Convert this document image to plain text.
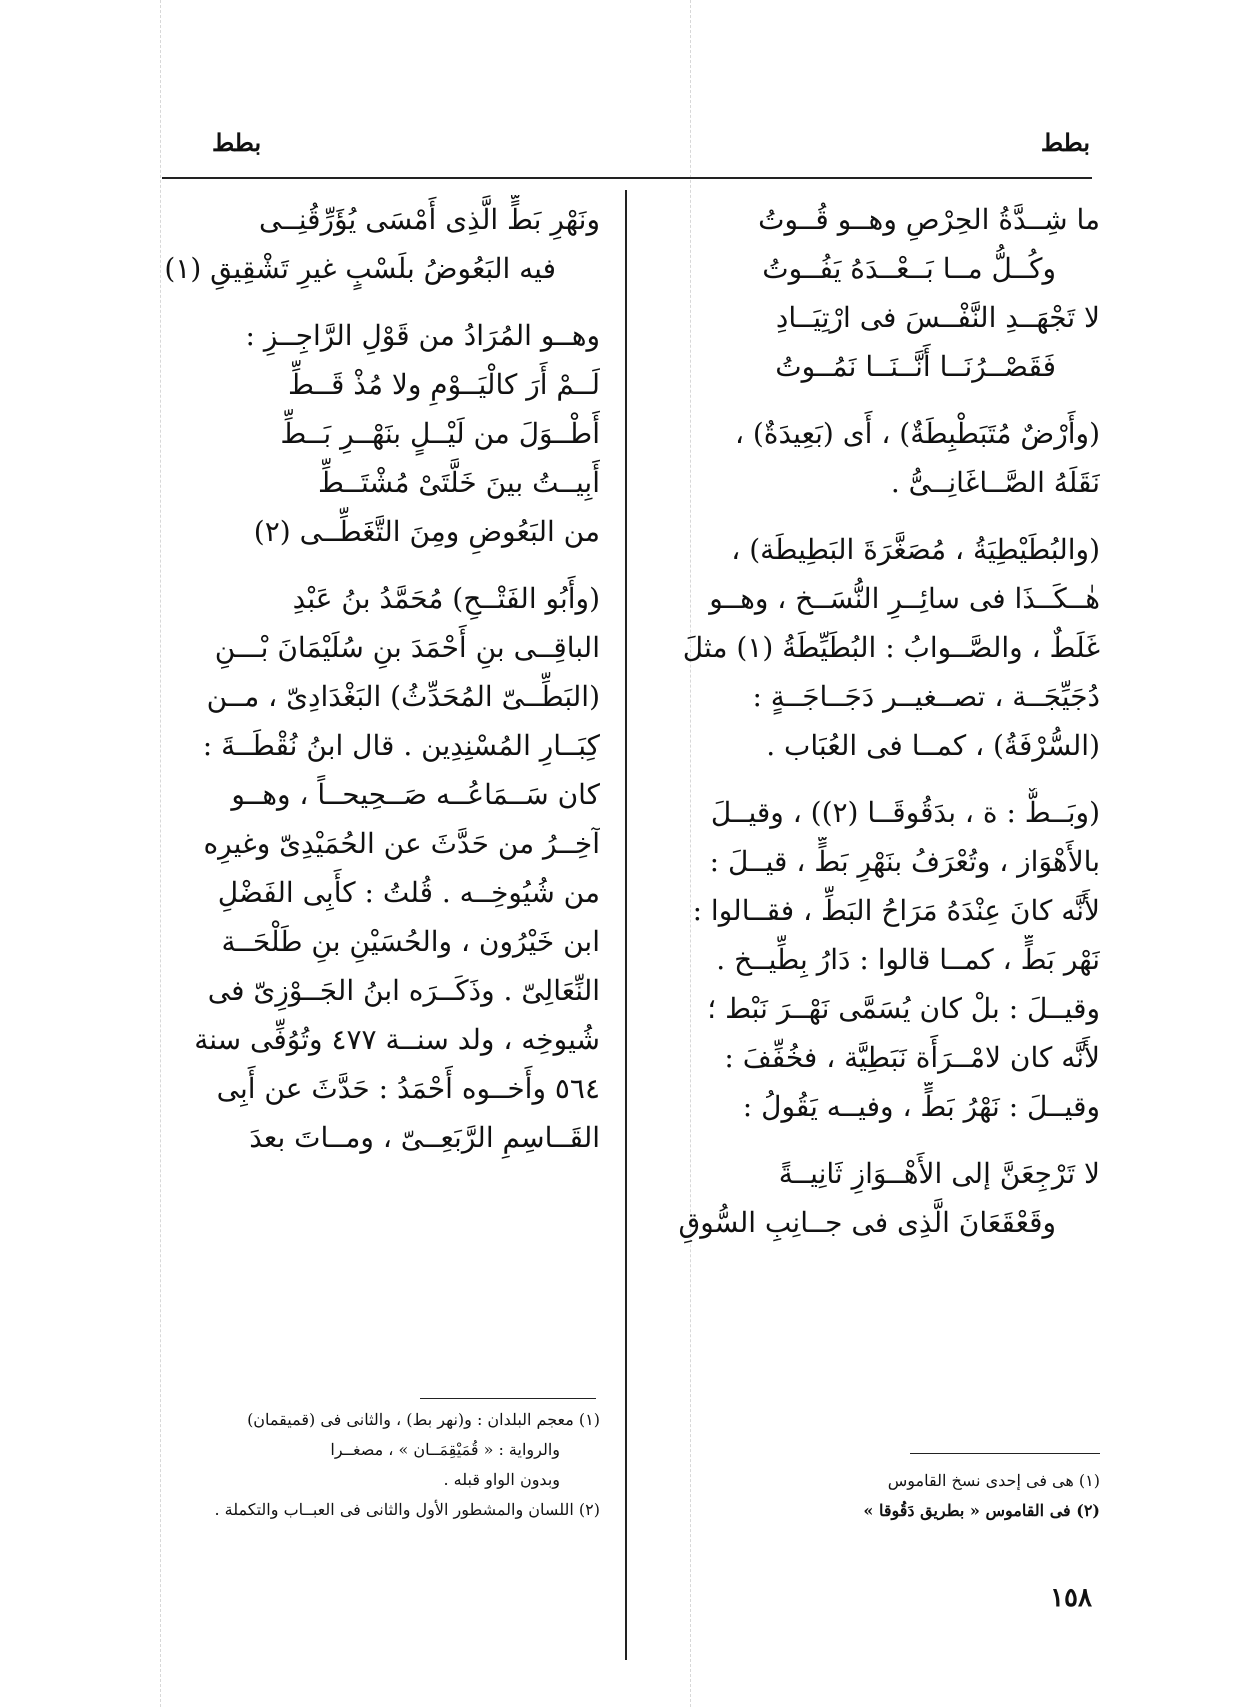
بطط
بطط
ما شِــدَّةُ الحِرْصِ وهــو قُــوتُ
وكُــلُّ مــا بَــعْــدَهُ يَفُــوتُ
لا تَجْهَــدِ النَّفْــسَ فى ارْتِيَــادِ
فَقَصْــرُنَــا أَنَّــنَــا نَمُــوتُ
(وأَرْضٌ مُتَبَطْبِطَةٌ) ، أَى (بَعِيدَةٌ) ،
نَقَلَهُ الصَّــاغَانِــىُّ .
(والبُطَيْطِيَةُ ، مُصَغَّرَةَ البَطِيطَة) ،
هٰــكَــذَا فى سائِــرِ النُّسَــخ ، وهــو
غَلَطٌ ، والصَّــوابُ : البُطَيِّطَةُ (١) مثلَ
دُجَيِّجَــة ، تصــغيــر دَجَــاجَــةٍ :
(السُّرْفَةُ) ، كمــا فى العُبَاب .
(وبَــطٌّ : ة ، بدَقُوقَــا (٢)) ، وقيــلَ
بالأَهْوَاز ، وتُعْرَفُ بنَهْرِ بَطٍّ ، قيــلَ :
لأَنَّه كانَ عِنْدَهُ مَرَاحُ البَطِّ ، فقــالوا :
نَهْر بَطٍّ ، كمــا قالوا : دَارُ بِطِّيــخ .
وقيــلَ : بلْ كان يُسَمَّى نَهْــرَ نَبْط ؛
لأَنَّه كان لامْــرَأَة نَبَطِيَّة ، فخُفِّفَ :
وقيــلَ : نَهْرُ بَطٍّ ، وفيــه يَقُولُ :
لا تَرْجِعَنَّ إلى الأَهْــوَازِ ثَانِيــةً
وقَعْقَعَانَ الَّذِى فى جــانِبِ السُّوقِ
ونَهْرِ بَطٍّ الَّذِى أَمْسَى يُؤَرِّقُنِــى
فيه البَعُوضُ بلَسْبٍ غيرِ تَشْقِيقِ (١)
وهــو المُرَادُ من قَوْلِ الرَّاجِــزِ :
لَــمْ أَرَ كالْيَــوْمِ ولا مُذْ قَــطِّ
أَطْــوَلَ من لَيْــلٍ بنَهْــرِ بَــطِّ
أَبِيــتُ بينَ خَلَّتَىْ مُشْتَــطِّ
من البَعُوضِ ومِنَ التَّغَطِّــى (٢)
(وأَبُو الفَتْــحِ) مُحَمَّدُ بنُ عَبْدِ
الباقِــى بنِ أَحْمَدَ بنِ سُلَيْمَانَ بْـــنِ
(البَطِّــىّ المُحَدِّثُ) البَغْدَادِىّ ، مــن
كِبَــارِ المُسْنِدِين . قال ابنُ نُقْطَــةَ :
كان سَــمَاعُــه صَــحِيحــاً ، وهــو
آخِــرُ من حَدَّثَ عن الحُمَيْدِىّ وغيرِه
من شُيُوخِــه . قُلتُ : كأَبِى الفَضْلِ
ابن خَيْرُون ، والحُسَيْنِ بنِ طَلْحَــة
النِّعَالِىّ . وذَكَــرَه ابنُ الجَــوْزِىّ فى
شُيوخِه ، ولد سنــة ٤٧٧ وتُوُفِّى سنة
٥٦٤ وأَخــوه أَحْمَدُ : حَدَّثَ عن أَبِى
القَــاسِمِ الرَّبَعِــىّ ، ومــاتَ بعدَ
(١) هى فى إحدى نسخ القاموس
(٢) فى القاموس « بطريق دَقُوقا »
(١) معجم البلدان : و(نهر بط) ، والثانى فى (قميقمان)
والرواية : « قُمَيْقِمَــان » ، مصغــرا
وبدون الواو قبله .
(٢) اللسان والمشطور الأول والثانى فى العبــاب والتكملة .
١٥٨
